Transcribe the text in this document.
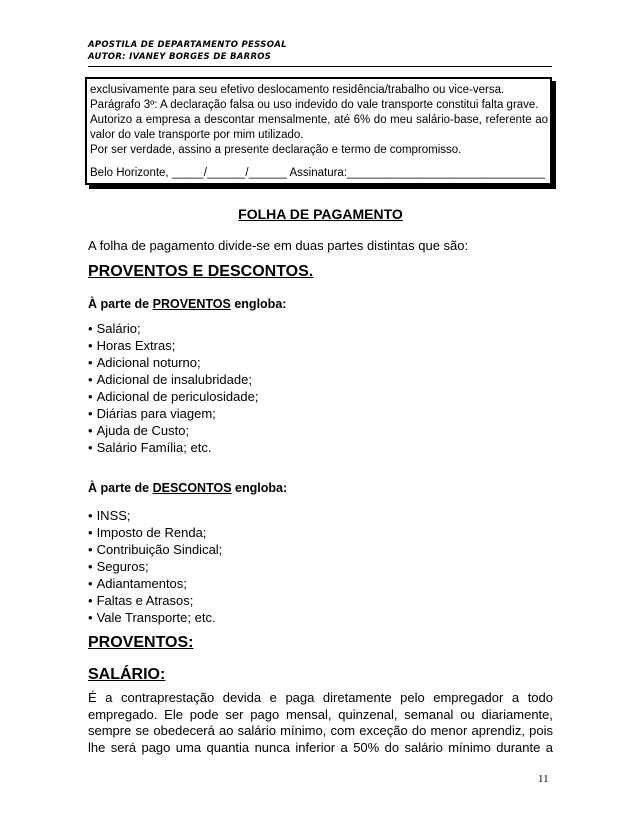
APOSTILA DE DEPARTAMENTO PESSOAL
AUTOR: IVANEY BORGES DE BARROS
exclusivamente para seu efetivo deslocamento residência/trabalho ou vice-versa.
Parágrafo 3º: A declaração falsa ou uso indevido do vale transporte constitui falta grave.
Autorizo a empresa a descontar mensalmente, até 6% do meu salário-base, referente ao
valor do vale transporte por mim utilizado.
Por ser verdade, assino a presente declaração e termo de compromisso.
Belo Horizonte, _____/______/______ Assinatura:_______________________________
FOLHA DE PAGAMENTO
A folha de pagamento divide-se em duas partes distintas que são:
PROVENTOS E DESCONTOS.
À parte de PROVENTOS engloba:
• Salário;
• Horas Extras;
• Adicional noturno;
• Adicional de insalubridade;
• Adicional de periculosidade;
• Diárias para viagem;
• Ajuda de Custo;
• Salário Família; etc.
À parte de DESCONTOS engloba:
• INSS;
• Imposto de Renda;
• Contribuição Sindical;
• Seguros;
• Adiantamentos;
• Faltas e Atrasos;
• Vale Transporte; etc.
PROVENTOS:
SALÁRIO:
É a contraprestação devida e paga diretamente pelo empregador a todo
empregado. Ele pode ser pago mensal, quinzenal, semanal ou diariamente,
sempre se obedecerá ao salário mínimo, com exceção do menor aprendiz, pois
lhe será pago uma quantia nunca inferior a 50% do salário mínimo durante a
11
